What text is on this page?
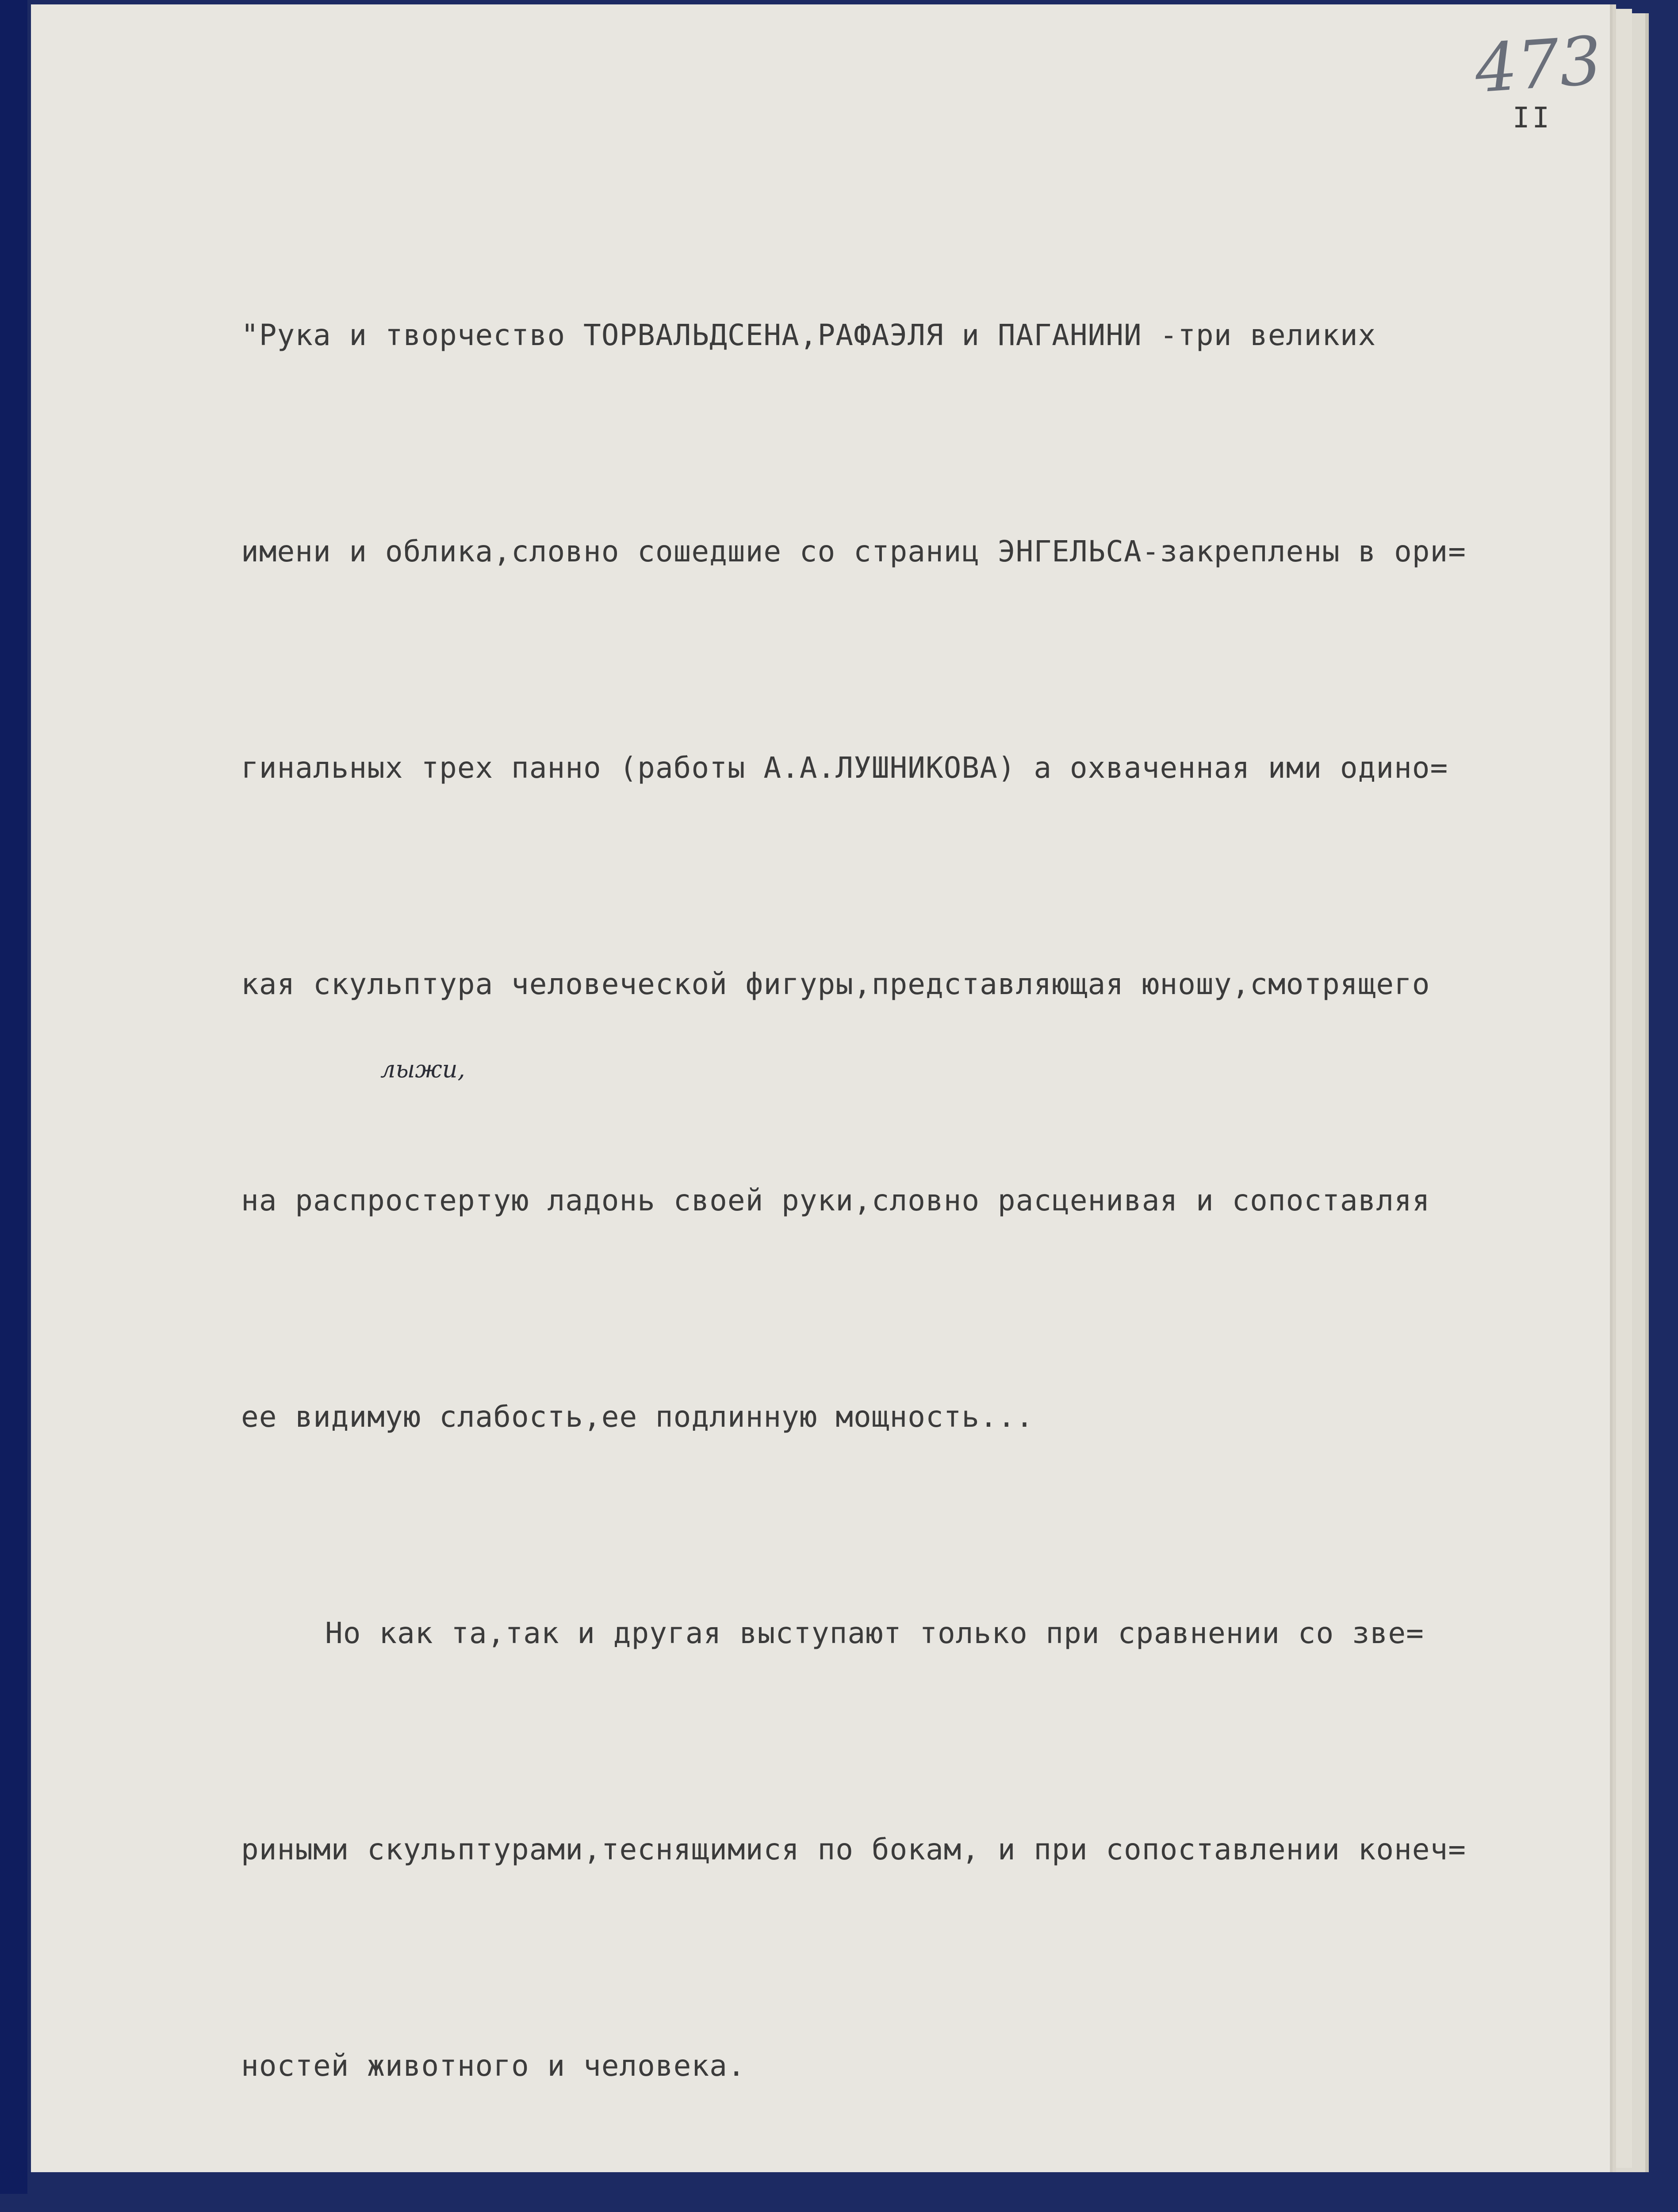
473
II

"Рука и творчество ТОРВАЛЬДСЕНА,РАФАЭЛЯ и ПАГАНИНИ -три великих

имени и облика,словно сошедшие со страниц ЭНГЕЛЬСА-закреплены в ори=

гинальных трех панно (работы А.А.ЛУШНИКОВА) а охваченная ими одино=

кая скульптура человеческой фигуры,представляющая юношу,смотрящего

на распростертую ладонь своей руки,словно расценивая и сопоставляя

ее видимую слабость,ее подлинную мощность...

Но как та,так и другая выступают только при сравнении со зве=

риными скульптурами,теснящимися по бокам, и при сопоставлении конеч=

ностей животного и человека.

лыжи,
